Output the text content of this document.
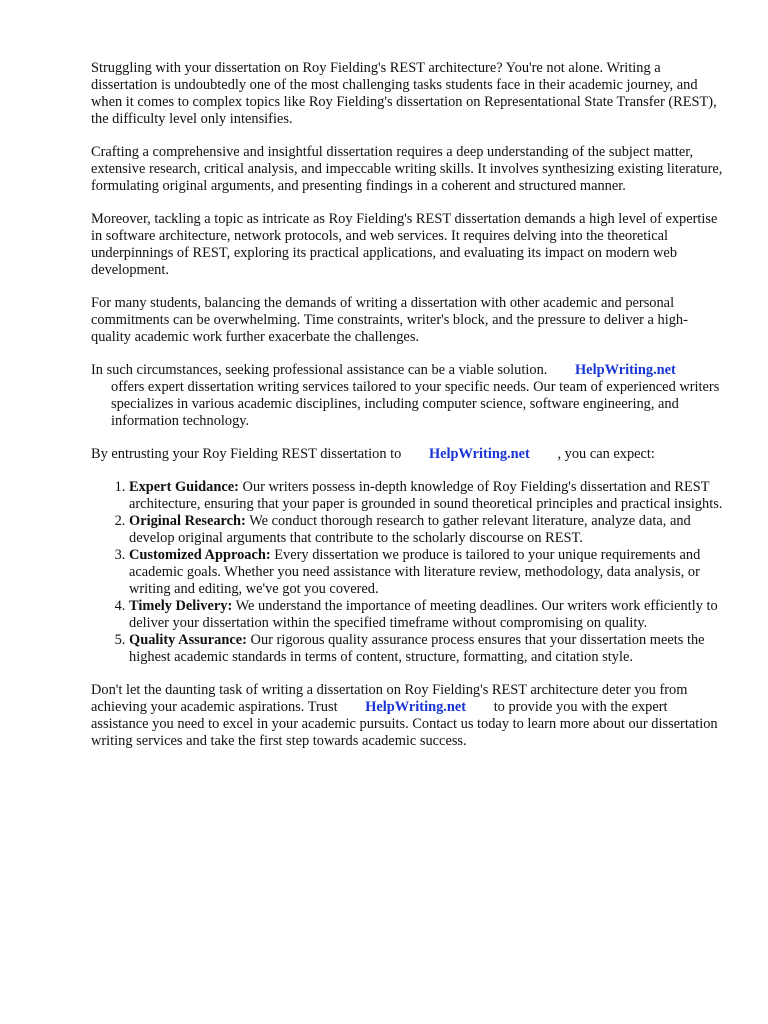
Struggling with your dissertation on Roy Fielding's REST architecture? You're not alone. Writing a dissertation is undoubtedly one of the most challenging tasks students face in their academic journey, and when it comes to complex topics like Roy Fielding's dissertation on Representational State Transfer (REST), the difficulty level only intensifies.

Crafting a comprehensive and insightful dissertation requires a deep understanding of the subject matter, extensive research, critical analysis, and impeccable writing skills. It involves synthesizing existing literature, formulating original arguments, and presenting findings in a coherent and structured manner.

Moreover, tackling a topic as intricate as Roy Fielding's REST dissertation demands a high level of expertise in software architecture, network protocols, and web services. It requires delving into the theoretical underpinnings of REST, exploring its practical applications, and evaluating its impact on modern web development.

For many students, balancing the demands of writing a dissertation with other academic and personal commitments can be overwhelming. Time constraints, writer's block, and the pressure to deliver a high-quality academic work further exacerbate the challenges.

In such circumstances, seeking professional assistance can be a viable solution. HelpWriting.net
offers expert dissertation writing services tailored to your specific needs. Our team of experienced writers specializes in various academic disciplines, including computer science, software engineering, and information technology.

By entrusting your Roy Fielding REST dissertation to HelpWriting.net , you can expect:

1. Expert Guidance: Our writers possess in-depth knowledge of Roy Fielding's dissertation and REST architecture, ensuring that your paper is grounded in sound theoretical principles and practical insights.
2. Original Research: We conduct thorough research to gather relevant literature, analyze data, and develop original arguments that contribute to the scholarly discourse on REST.
3. Customized Approach: Every dissertation we produce is tailored to your unique requirements and academic goals. Whether you need assistance with literature review, methodology, data analysis, or writing and editing, we've got you covered.
4. Timely Delivery: We understand the importance of meeting deadlines. Our writers work efficiently to deliver your dissertation within the specified timeframe without compromising on quality.
5. Quality Assurance: Our rigorous quality assurance process ensures that your dissertation meets the highest academic standards in terms of content, structure, formatting, and citation style.

Don't let the daunting task of writing a dissertation on Roy Fielding's REST architecture deter you from achieving your academic aspirations. Trust HelpWriting.net to provide you with the expert assistance you need to excel in your academic pursuits. Contact us today to learn more about our dissertation writing services and take the first step towards academic success.
